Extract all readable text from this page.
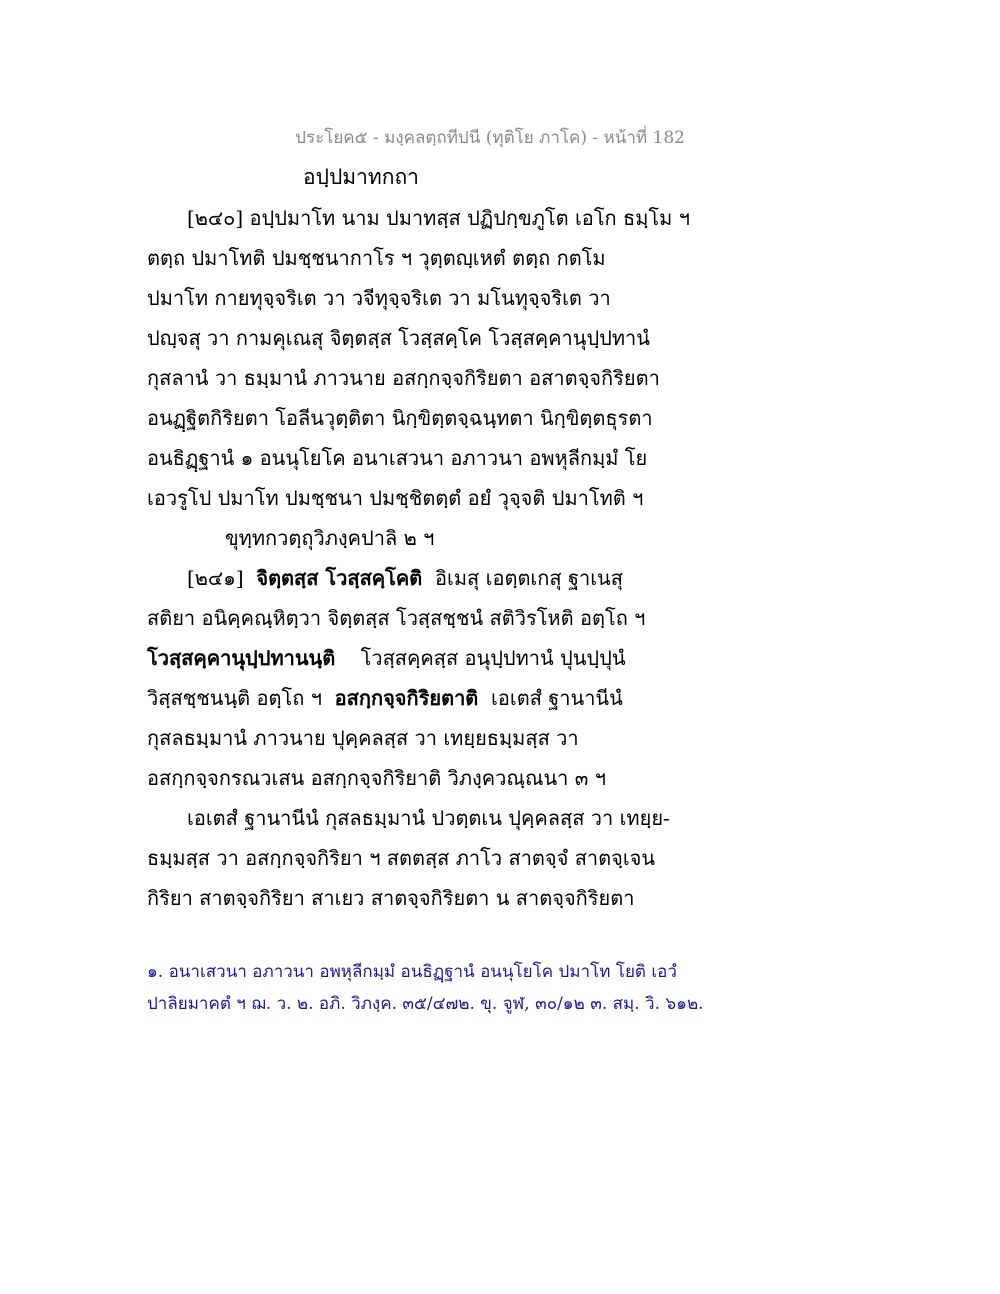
ประโยค๕ - มงฺคลตฺถทีปนี (ทุติโย ภาโค) - หน้าที่ 182
อปฺปมาทกถา
[๒๔๐] อปฺปมาโท นาม ปมาทสฺส ปฏิปกฺขภูโต เอโก ธมฺโม ฯ
ตตฺถ ปมาโทติ ปมชฺชนากาโร ฯ วุตฺตญฺเหตํ ตตฺถ กตโม
ปมาโท กายทุจฺจริเต วา วจีทุจฺจริเต วา มโนทุจฺจริเต วา
ปญฺจสุ วา กามคุเณสุ จิตฺตสฺส โวสฺสคฺโค โวสฺสคฺคานุปฺปทานํ
กุสลานํ วา ธมฺมานํ ภาวนาย อสกฺกจฺจกิริยตา อสาตจฺจกิริยตา
อนฏฺฐิตกิริยตา โอลีนวุตฺติตา นิกฺขิตฺตจฺฉนฺทตา นิกฺขิตฺตธุรตา
อนธิฏฺฐานํ ๑ อนนุโยโค อนาเสวนา อภาวนา อพหุลีกมฺมํ โย
เอวรูโป ปมาโท ปมชฺชนา ปมชฺชิตตฺตํ อยํ วุจฺจติ ปมาโทติ ฯ
ขุทฺทกวตฺถุวิภงฺคปาลิ ๒ ฯ
[๒๔๑]
จิตฺตสฺส โวสฺสคฺโคติ
อิเมสุ เอตฺตเกสุ ฐาเนสุ
สติยา อนิคฺคณฺหิตฺวา จิตฺตสฺส โวสฺสชฺชนํ สติวิรโหติ อตฺโถ ฯ
โวสฺสคฺคานุปฺปทานนฺติ
โวสฺสคฺคสฺส อนุปฺปทานํ ปุนปฺปุนํ
วิสฺสชฺชนนฺติ อตฺโถ ฯ
อสกฺกจฺจกิริยตาติ
เอเตสํ ฐานานีนํ
กุสลธมฺมานํ ภาวนาย ปุคฺคลสฺส วา เทยฺยธมฺมสฺส วา
อสกฺกจฺจกรณวเสน อสกฺกจฺจกิริยาติ วิภงฺควณฺณนา ๓ ฯ
เอเตสํ ฐานานีนํ กุสลธมฺมานํ ปวตฺตเน ปุคฺคลสฺส วา เทยฺย-
ธมฺมสฺส วา อสกฺกจฺจกิริยา ฯ สตตสฺส ภาโว สาตจฺจํ สาตจฺเจน
กิริยา สาตจฺจกิริยา สาเยว สาตจฺจกิริยตา น สาตจฺจกิริยตา
๑. อนาเสวนา อภาวนา อพหุลีกมฺมํ อนธิฏฺฐานํ อนนุโยโค ปมาโท โยติ เอวํ
ปาลิยมาคตํ ฯ ฌ. ว. ๒. อภิ. วิภงฺค. ๓๕/๔๗๒. ขุ. จูฬ, ๓๐/๑๒ ๓. สมฺ. วิ. ๖๑๒.
